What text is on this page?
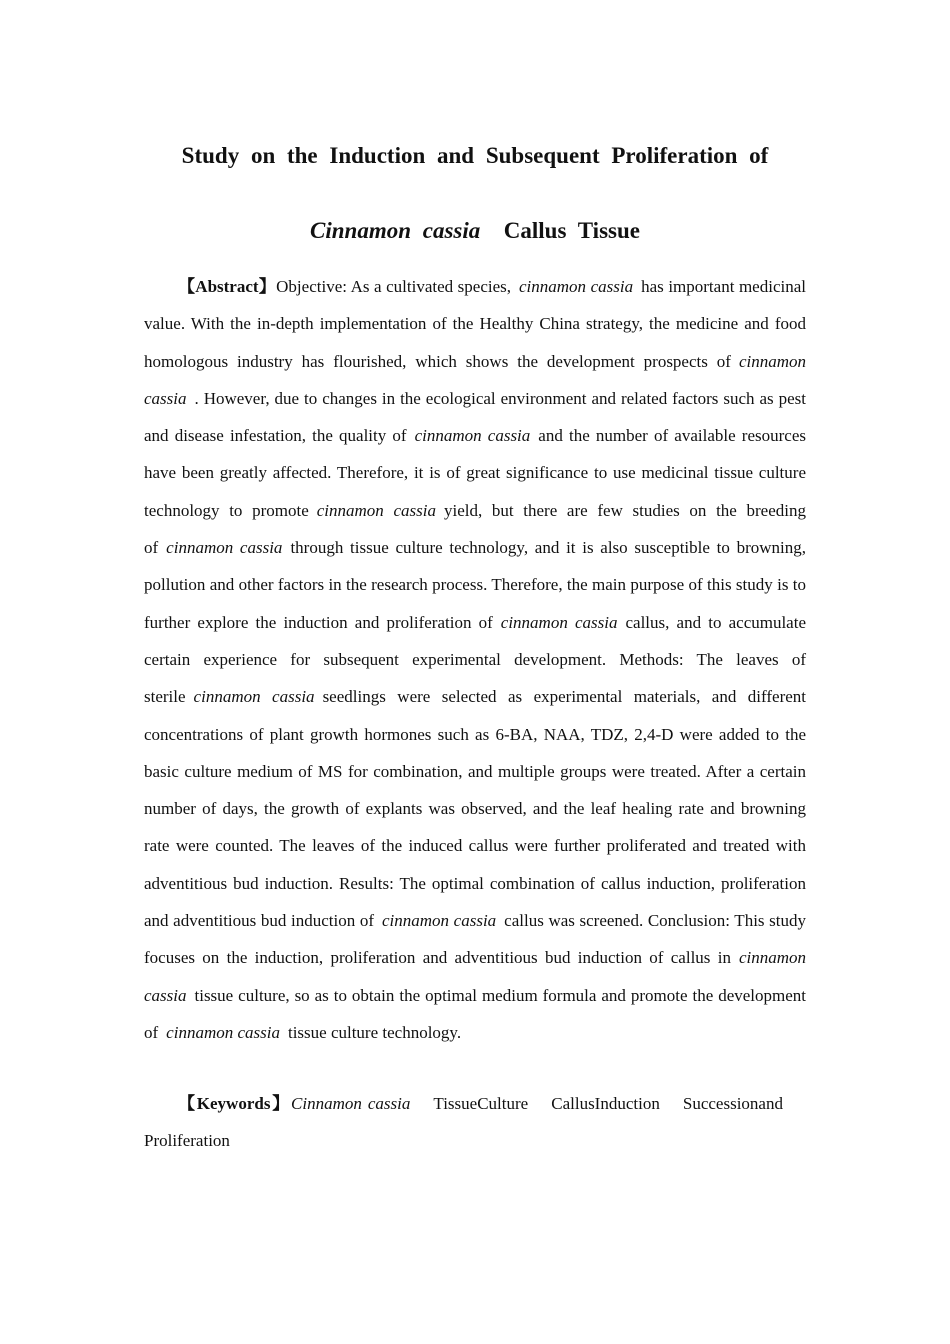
Study on the Induction and Subsequent Proliferation of
Cinnamon cassia Callus Tissue

【Abstract】Objective: As a cultivated species, cinnamon cassia has important medicinal value. With the in-depth implementation of the Healthy China strategy, the medicine and food homologous industry has flourished, which shows the development prospects of cinnamon cassia . However, due to changes in the ecological environment and related factors such as pest and disease infestation, the quality of cinnamon cassia and the number of available resources have been greatly affected. Therefore, it is of great significance to use medicinal tissue culture technology to promote cinnamon cassia yield, but there are few studies on the breeding of cinnamon cassia through tissue culture technology, and it is also susceptible to browning, pollution and other factors in the research process. Therefore, the main purpose of this study is to further explore the induction and proliferation of cinnamon cassia callus, and to accumulate certain experience for subsequent experimental development. Methods: The leaves of sterile cinnamon cassia seedlings were selected as experimental materials, and different concentrations of plant growth hormones such as 6-BA, NAA, TDZ, 2,4-D were added to the basic culture medium of MS for combination, and multiple groups were treated. After a certain number of days, the growth of explants was observed, and the leaf healing rate and browning rate were counted. The leaves of the induced callus were further proliferated and treated with adventitious bud induction. Results: The optimal combination of callus induction, proliferation and adventitious bud induction of cinnamon cassia callus was screened. Conclusion: This study focuses on the induction, proliferation and adventitious bud induction of callus in cinnamon cassia tissue culture, so as to obtain the optimal medium formula and promote the development of cinnamon cassia tissue culture technology.

【Keywords】Cinnamon cassia   TissueCulture   CallusInduction   Successionand  Proliferation
